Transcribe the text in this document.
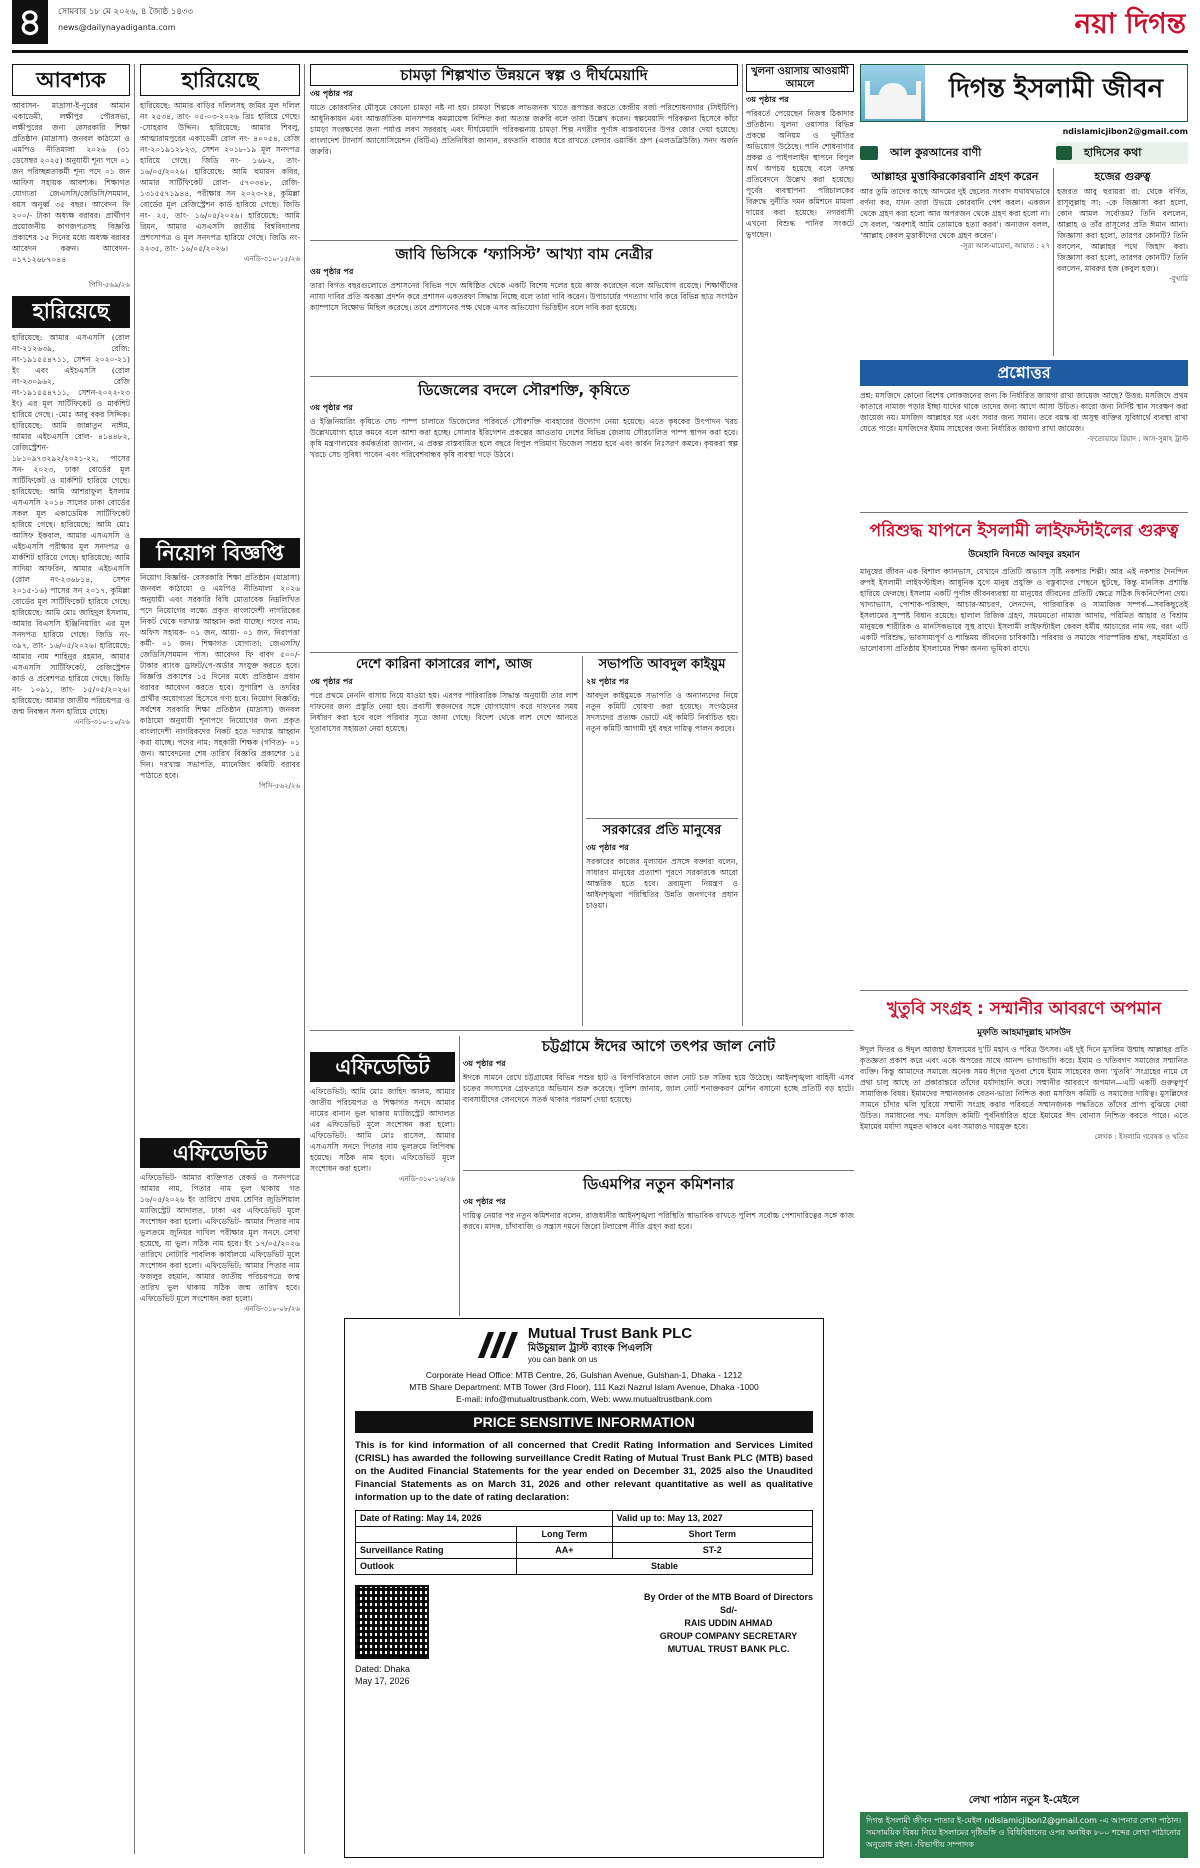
৪	সোমবার ১৮ মে ২০২৬, ৪ জ্যৈষ্ঠ ১৪৩৩
news@dailynayadiganta.com	নয়া দিগন্ত
আবশ্যক

আবাসন- মাদ্রাসা-ই-নূরের আমান একাডেমী, লক্ষীপুর পৌরসভা, লক্ষীপুরের জন্য বেসরকারি শিক্ষা প্রতিষ্ঠান (মাদ্রাসা) জনবল কাঠামো ও এমপিও নীতিমালা ২০২৬ (৩১ ডেসেম্বর ২০২৫) অনুযায়ী শূন্য পদে ০১ জন পরিচ্ছন্নতাকর্মী শূন্য পদে ০১ জন আফিস সহায়ক আবশ্যক। শিক্ষাগত যোগ্যতা জেএসসি/জেডিসি/সমমান, বয়স অনূর্ধ্ব ৩৫ বছর। আবেদন ফি ২০০/- টাকা অধ্যক্ষ বরাবর। প্রার্থীগণ প্রয়োজনীয় কাগজপত্রসহ বিজ্ঞপ্তি প্রকাশের ১৫ দিনের মধ্যে অধ্যক্ষ বরাবর আবেদন করুন। আবেদন- ০১৭১২৬৮৭০৪৪

পিসি-৫৬৯/২৬
হারিয়েছে

হারিয়েছে: আমার এসএসসি (রোল নং-২১২৬৩৯, রেজি: নং-১৯১৫৫৪৭১১, সেশন ২০২০-২১) ইং এবং এইচএসসি (রোল নং-২৩০৯৬২, রেজি নং-১৯১৫৫৪৭১১, সেশন-২০২২-২৩ ইং) এর মূল সার্টিফিকেট ও মার্কশিট হারিয়ে গেছে। -মোঃ আবু বকর সিদ্দিক। হারিয়েছে: আমি জান্নাতুন নাঈম, আমার এইচএসসি রোল- ৪১৪৪৮২, রেজিস্ট্রেশন- ১৮১০৯৭৩২৯২/২০২১-২২, পাসের সন- ২০২৩, ঢাকা বোর্ডের মূল সার্টিফিকেট ও মার্কশিট হারিয়ে গেছে। হারিয়েছে: আমি আশরাফুল ইসলাম এসএসসি ২০১৪ সালের ঢাকা বোর্ডের সকল মূল একাডেমিক সার্টিফিকেট হারিয়ে গেছে। হারিয়েছে: আমি মোঃ আসিফ ইকবাল, আমার এসএসসি ও এইচএসসি পরীক্ষার মূল সনদপত্র ও মার্কশিট হারিয়ে গেছে। হারিয়েছে: আমি সাদিয়া আফরিন, আমার এইচএসসি (রোল নং-২৩৬৮১৪, সেশন ২০১৫-১৬) পাসের সন ২০১৭, কুমিল্লা বোর্ডের মূল সার্টিফিকেট হারিয়ে গেছে। হারিয়েছে: আমি মোঃ জাহিদুল ইসলাম, আমার বিএসসি ইঞ্জিনিয়ারিং এর মূল সনদপত্র হারিয়ে গেছে। জিডি নং- ৩৯৭, তাং- ১৬/০৫/২০২৬। হারিয়েছে: আমার নাম শাহিনুর রহমান, আমার এসএসসি সার্টিফিকেট, রেজিস্ট্রেশন কার্ড ও প্রবেশপত্র হারিয়ে গেছে। জিডি নং- ১০৯১, তাং- ১৫/০৫/২০২৬। হারিয়েছে: আমার জাতীয় পরিচয়পত্র ও জন্ম নিবন্ধন সনদ হারিয়ে গেছে।

এনডি-৩১০-১০/২৬
হারিয়েছে

হারিয়েছে: আমার বাড়ির দলিলসহ জমির মূল দলিল নং ২৫৩৪, তাং- ০৫-০৩-২০২৬ খ্রিঃ হারিয়ে গেছে। -সোহরাব উদ্দিন। হারিয়েছে: আমার শিবলু, আত্মারামপুরের একাডেমী রোল নং- ৪০০৫৪, রেজি নং-২০১৯১২৮২৩, সেশন ২০১৮-১৯ মূল সনদপত্র হারিয়ে গেছে। জিডি নং- ১৬৮২, তাং- ১৬/০৫/২০২৬। হারিয়েছে: আমি হুমায়ন কবির, আমার সার্টিফিকেট রোল- ৫৭০৩৪৮, রেজি- ১৩১৫৫৭১৯৪৪, পরীক্ষার সন ২০২৩-২৪, কুমিল্লা বোর্ডের মূল রেজিস্ট্রেশন কার্ড হারিয়ে গেছে। জিডি নং- ২৫, তাং- ১৬/০৫/২০২৬। হারিয়েছে: আমি রিমন, আমার এসএসসি জাতীয় বিশ্ববিদ্যালয় প্রশংসাপত্র ও মূল সনদপত্র হারিয়ে গেছে। জিডি নং- ২২৩৫, তাং- ১৬/০৫/২০২৬।

এনডি-৩১০-১৫/২৬
নিয়োগ বিজ্ঞপ্তি

নিয়োগ বিজ্ঞপ্তি- বেসরকারি শিক্ষা প্রতিষ্ঠান (মাদ্রাসা) জনবল কাঠামো ও এমপিও নীতিমালা ২০২৬ অনুযায়ী এবং সরকারি বিধি মোতাবেক নিম্নলিখিত পদে নিয়োগের লক্ষ্যে প্রকৃত বাংলাদেশী নাগরিকের নিকট থেকে দরখাস্ত আহ্বান করা যাচ্ছে। পদের নাম: অফিস সহায়ক- ০১ জন, আয়া- ০১ জন, নিরাপত্তা কর্মী- ০১ জন। শিক্ষাগত যোগ্যতা: জেএসসি/জেডিসি/সমমান পাস। আবেদন ফি বাবদ ৫০০/- টাকার ব্যাংক ড্রাফট/পে-অর্ডার সংযুক্ত করতে হবে। বিজ্ঞপ্তি প্রকাশের ১৫ দিনের মধ্যে প্রতিষ্ঠান প্রধান বরাবর আবেদন করতে হবে। সুপারিশ ও তদবির প্রার্থীর অযোগ্যতা হিসেবে গণ্য হবে। নিয়োগ বিজ্ঞপ্তি: সর্বশেষ সরকারি শিক্ষা প্রতিষ্ঠান (মাদ্রাসা) জনবল কাঠামো অনুযায়ী শূন্যপদে নিয়োগের জন্য প্রকৃত বাংলাদেশী নাগরিকদের নিকট হতে দরখাস্ত আহ্বান করা যাচ্ছে। পদের নাম: সহকারী শিক্ষক (গণিত)- ০১ জন। আবেদনের শেষ তারিখ বিজ্ঞপ্তি প্রকাশের ১৫ দিন। দরখাস্ত সভাপতি, ম্যানেজিং কমিটি বরাবর পাঠাতে হবে।

পিসি-৫৬২/২৬
এফিডেভিট

এফিডেভিট- আমার ব্যক্তিগত রেকর্ড ও সনদপত্রে আমার নাম, পিতার নাম ভুল থাকায় গত ১৬/০৫/২০২৬ ইং তারিখে প্রথম শ্রেণির জুডিশিয়াল ম্যাজিস্ট্রেট আদালত, ঢাকা এর এফিডেভিট মূলে সংশোধন করা হলো। এফিডেভিট- আমার পিতার নাম ভুলক্রমে জুনিয়র দাখিল পরীক্ষার মূল সনদে লেখা হয়েছে, যা ভুল। সঠিক নাম হবে। ইং ১৭/০৫/২০২৬ তারিখে নোটারি পাবলিক কার্যালয়ে এফিডেভিট মূলে সংশোধন করা হলো। এফিডেভিট: আমার পিতার নাম ফজলুর রহমান, আমার জাতীয় পরিচয়পত্রে জন্ম তারিখ ভুল থাকায় সঠিক জন্ম তারিখ হবে। এফিডেভিট মূলে সংশোধন করা হলো।

এনডি-৩১০-০৮/২৬
চামড়া শিল্পখাত উন্নয়নে স্বল্প ও দীর্ঘমেয়াদি
৩য় পৃষ্ঠার পর

যাতে কোরবানির মৌসুমে কোনো চামড়া নষ্ট না হয়। চামড়া শিল্পকে লাভজনক খাতে রূপান্তর করতে কেন্দ্রীয় বর্জ্য পরিশোধনাগার (সিইটিপি) আধুনিকায়ন এবং আন্তর্জাতিক মানসম্পন্ন কমপ্লায়েন্স নিশ্চিত করা অত্যন্ত জরুরি বলে তারা উল্লেখ করেন। স্বল্পমেয়াদি পরিকল্পনা হিসেবে কাঁচা চামড়া সংরক্ষণের জন্য পর্যাপ্ত লবণ সরবরাহ এবং দীর্ঘমেয়াদি পরিকল্পনায় চামড়া শিল্প নগরীর পূর্ণাঙ্গ বাস্তবায়নের উপর জোর দেয়া হয়েছে। বাংলাদেশ ট্যানার্স অ্যাসোসিয়েশন (বিটিএ) প্রতিনিধিরা জানান, রফতানি বাজার ধরে রাখতে লেদার ওয়ার্কিং গ্রুপ (এলডব্লিউজি) সনদ অর্জন জরুরি।

জাবি ভিসিকে ‘ফ্যাসিস্ট’ আখ্যা বাম নেত্রীর
ওয় পৃষ্ঠার পর

তারা বিগত বছরগুলোতে প্রশাসনের বিভিন্ন পদে অধিষ্ঠিত থেকে একটি বিশেষ দলের হয়ে কাজ করেছেন বলে অভিযোগ রয়েছে। শিক্ষার্থীদের ন্যায্য দাবির প্রতি অবজ্ঞা প্রদর্শন করে প্রশাসন একতরফা সিদ্ধান্ত নিচ্ছে বলে তারা দাবি করেন। উপাচার্যের পদত্যাগ দাবি করে বিভিন্ন ছাত্র সংগঠন ক্যাম্পাসে বিক্ষোভ মিছিল করেছে। তবে প্রশাসনের পক্ষ থেকে এসব অভিযোগ ভিত্তিহীন বলে দাবি করা হয়েছে।

ডিজেলের বদলে সৌরশক্তি, কৃষিতে
৩য় পৃষ্ঠার পর

ও ইঞ্জিনিয়ারিং কৃষিতে সেচ পাম্প চালাতে ডিজেলের পরিবর্তে সৌরশক্তি ব্যবহারের উদ্যোগ নেয়া হয়েছে। এতে কৃষকের উৎপাদন খরচ উল্লেখযোগ্য হারে কমবে বলে আশা করা হচ্ছে। সোলার ইরিগেশন প্রকল্পের আওতায় দেশের বিভিন্ন জেলায় সৌরচালিত পাম্প স্থাপন করা হবে। কৃষি মন্ত্রণালয়ের কর্মকর্তারা জানান, এ প্রকল্প বাস্তবায়িত হলে বছরে বিপুল পরিমাণ ডিজেল সাশ্রয় হবে এবং কার্বন নিঃসরণ কমবে। কৃষকরা স্বল্প খরচে সেচ সুবিধা পাবেন এবং পরিবেশবান্ধব কৃষি ব্যবস্থা গড়ে উঠবে।

দেশে কারিনা কাসারের লাশ, আজ
৩য় পৃষ্ঠার পর

পরে প্রথমে নেননি বাসায় নিয়ে যাওয়া হয়। এরপর পারিবারিক সিদ্ধান্ত অনুযায়ী তার লাশ দাফনের জন্য প্রস্তুতি নেয়া হয়। প্রবাসী স্বজনদের সঙ্গে যোগাযোগ করে দাফনের সময় নির্ধারণ করা হবে বলে পরিবার সূত্রে জানা গেছে। বিদেশ থেকে লাশ দেশে আনতে দূতাবাসের সহায়তা নেয়া হয়েছে।

সভাপতি আবদুল কাইয়ুম
২য় পৃষ্ঠার পর

আবদুল কাইয়ুমকে সভাপতি ও অন্যান্যদের নিয়ে নতুন কমিটি ঘোষণা করা হয়েছে। সংগঠনের সদস্যদের প্রত্যক্ষ ভোটে এই কমিটি নির্বাচিত হয়। নতুন কমিটি আগামী দুই বছর দায়িত্ব পালন করবে।

সরকারের প্রতি মানুষের
৩য় পৃষ্ঠার পর

সরকারের কাজের মূল্যায়ন প্রসঙ্গে বক্তারা বলেন, সাধারণ মানুষের প্রত্যাশা পূরণে সরকারকে আরো আন্তরিক হতে হবে। দ্রব্যমূল্য নিয়ন্ত্রণ ও আইনশৃঙ্খলা পরিস্থিতির উন্নতি জনগণের প্রধান চাওয়া।

খুলনা ওয়াসায় আওয়ামী আমলে
৩য় পৃষ্ঠার পর

পরিবর্তে পেয়েছেন নিজস্ব ঠিকাদার প্রতিষ্ঠান। খুলনা ওয়াসার বিভিন্ন প্রকল্পে অনিয়ম ও দুর্নীতির অভিযোগ উঠেছে। পানি শোধনাগার প্রকল্প ও পাইপলাইন স্থাপনে বিপুল অর্থ অপচয় হয়েছে বলে তদন্ত প্রতিবেদনে উল্লেখ করা হয়েছে। পূর্বের ব্যবস্থাপনা পরিচালকের বিরুদ্ধে দুর্নীতি দমন কমিশনে মামলা দায়ের করা হয়েছে। নগরবাসী এখনো বিশুদ্ধ পানির সংকটে ভুগছেন।

এফিডেভিট

এফিডেভিট: আমি মোঃ জাহিদ আলম, আমার জাতীয় পরিচয়পত্র ও শিক্ষাগত সনদে আমার নামের বানান ভুল থাকায় ম্যাজিস্ট্রেট আদালত এর এফিডেভিট মূলে সংশোধন করা হলো। এফিডেভিট: আমি মোঃ রাসেল, আমার এসএসসি সনদে পিতার নাম ভুলক্রমে লিপিবদ্ধ হয়েছে। সঠিক নাম হবে। এফিডেভিট মূলে সংশোধন করা হলো।

এনডি-৩১০-১৬/২৬
চট্টগ্রামে ঈদের আগে তৎপর জাল নোট
৩য় পৃষ্ঠার পর

ঈদকে সামনে রেখে চট্টগ্রামের বিভিন্ন পশুর হাট ও বিপণিবিতানে জাল নোট চক্র সক্রিয় হয়ে উঠেছে। আইনশৃঙ্খলা বাহিনী এসব চক্রের সদস্যদের গ্রেফতারে অভিযান শুরু করেছে। পুলিশ জানায়, জাল নোট শনাক্তকরণ মেশিন বসানো হচ্ছে প্রতিটি বড় হাটে। ব্যবসায়ীদের লেনদেনে সতর্ক থাকার পরামর্শ দেয়া হয়েছে।

ডিএমপির নতুন কমিশনার
৩য় পৃষ্ঠার পর

দায়িত্ব নেয়ার পর নতুন কমিশনার বলেন, রাজধানীর আইনশৃঙ্খলা পরিস্থিতি স্বাভাবিক রাখতে পুলিশ সর্বোচ্চ পেশাদারিত্বের সঙ্গে কাজ করবে। মাদক, চাঁদাবাজি ও সন্ত্রাস দমনে জিরো টলারেন্স নীতি গ্রহণ করা হবে।

Mutual Trust Bank PLC
মিউচুয়াল ট্রাস্ট ব্যাংক পিএলসি
you can bank on us

Corporate Head Office: MTB Centre, 26, Gulshan Avenue, Gulshan-1, Dhaka - 1212

MTB Share Department: MTB Tower (3rd Floor), 111 Kazi Nazrul Islam Avenue, Dhaka -1000

E-mail: info@mutualtrustbank.com, Web: www.mutualtrustbank.com

PRICE SENSITIVE INFORMATION

This is for kind information of all concerned that Credit Rating Information and Services Limited (CRISL) has awarded the following surveillance Credit Rating of Mutual Trust Bank PLC (MTB) based on the Audited Financial Statements for the year ended on December 31, 2025 also the Unaudited Financial Statements as on March 31, 2026 and other relevant quantitative as well as qualitative information up to the date of rating declaration:

Date of Rating: May 14, 2026		Valid up to: May 13, 2027
	Long Term	Short Term
Surveillance Rating	AA+	ST-2
Outlook	Stable	
Dated: Dhaka
May 17, 2026
By Order of the MTB Board of Directors
Sd/-
RAIS UDDIN AHMAD
GROUP COMPANY SECRETARY
MUTUAL TRUST BANK PLC.
দিগন্ত ইসলামী জীবন
ndislamicjibon2@gmail.com
আল কুরআনের বাণী	হাদিসের কথা
আল্লাহর মুত্তাকিরকোরবানি গ্রহণ করেন

আর তুমি তাদের কাছে আদমের দুই ছেলের সংবাদ যথাযথভাবে বর্ণনা কর, যখন তারা উভয়ে কোরবানি পেশ করল। একজন থেকে গ্রহণ করা হলো আর অপরজন থেকে গ্রহণ করা হলো না। সে বলল, ‘অবশ্যই আমি তোমাকে হত্যা করব’। অন্যজন বলল, ‘আল্লাহ কেবল মুত্তাকীদের থেকে গ্রহণ করেন’।

-সূরা আল-মায়েদা, আয়াত : ২৭
হজের গুরুত্ব

হজরত আবু হুরায়রা রা: থেকে বর্ণিত, রাসূলুল্লাহ সা: -কে জিজ্ঞাসা করা হলো, কোন আমল সর্বোত্তম? তিনি বললেন, আল্লাহ ও তাঁর রাসূলের প্রতি ঈমান আনা। জিজ্ঞাসা করা হলো, তারপর কোনটি? তিনি বললেন, আল্লাহর পথে জিহাদ করা। জিজ্ঞাসা করা হলো, তারপর কোনটি? তিনি বললেন, মাবরুর হজ (কবুল হজ)।

-বুখারি
প্রশ্নোত্তর

প্রশ্ন: মসজিদে কোনো বিশেষ লোকজনের জন্য কি নির্ধারিত জায়গা রাখা জায়েজ আছে? উত্তর: মসজিদে প্রথম কাতারে নামাজ পড়ার ইচ্ছা যাদের থাকে তাদের জন্য আগে আসা উচিত। কারো জন্য নির্দিষ্ট স্থান সংরক্ষণ করা জায়েজ নয়। মসজিদ আল্লাহর ঘর এবং সবার জন্য সমান। তবে বয়স্ক বা অসুস্থ ব্যক্তির সুবিধার্থে ব্যবস্থা রাখা যেতে পারে। মসজিদের ইমাম সাহেবের জন্য নির্ধারিত জায়গা রাখা জায়েজ।

-ফতোয়ায়ে রিয়াদ : আস-সুন্নাহ ট্রাস্ট
পরিশুদ্ধ যাপনে ইসলামী লাইফস্টাইলের গুরুত্ব
উমেহানি বিনতে আবদুর রহমান

মানুষের জীবন এক বিশাল ক্যানভাস, যেখানে প্রতিটি অভ্যাস সৃষ্টি নকশার শিল্পী। আর এই নকশার দৈনন্দিন রুপই ইসলামী লাইফস্টাইল। আধুনিক যুগে মানুষ প্রযুক্তি ও বস্তুবাদের পেছনে ছুটছে, কিন্তু মানসিক প্রশান্তি হারিয়ে ফেলছে। ইসলাম একটি পূর্ণাঙ্গ জীবনব্যবস্থা যা মানুষের জীবনের প্রতিটি ক্ষেত্রে সঠিক দিকনির্দেশনা দেয়। খাদ্যাভ্যাস, পোশাক-পরিচ্ছদ, আচার-আচরণ, লেনদেন, পারিবারিক ও সামাজিক সম্পর্ক—সবকিছুতেই ইসলামের সুস্পষ্ট বিধান রয়েছে। হালাল রিজিক গ্রহণ, সময়মতো নামাজ আদায়, পরিমিত আহার ও বিশ্রাম মানুষকে শারীরিক ও মানসিকভাবে সুস্থ রাখে। ইসলামী লাইফস্টাইল কেবল ধর্মীয় আচারের নাম নয়, বরং এটি একটি পরিশুদ্ধ, ভারসাম্যপূর্ণ ও শান্তিময় জীবনের চাবিকাঠি। পরিবার ও সমাজে পারস্পরিক শ্রদ্ধা, সহমর্মিতা ও ভালোবাসা প্রতিষ্ঠায় ইসলামের শিক্ষা অনন্য ভূমিকা রাখে।

খুতুবি সংগ্রহ : সম্মানীর আবরণে অপমান
মুফতি আহমাদুল্লাহ মাসউদ

ঈদুল ফিতর ও ঈদুল আজহা ইসলামের দু’টি মহান ও পবিত্র উৎসব। এই দুই দিনে মুসলিম উম্মাহ আল্লাহর প্রতি কৃতজ্ঞতা প্রকাশ করে এবং একে অপরের সাথে আনন্দ ভাগাভাগি করে। ইমাম ও খতিবগণ সমাজের সম্মানিত ব্যক্তি। কিন্তু আমাদের সমাজে অনেক সময় ঈদের খুতবা শেষে ইমাম সাহেবের জন্য ‘খুতবি’ সংগ্রহের নামে যে প্রথা চালু আছে তা প্রকারান্তরে তাঁদের মর্যাদাহানি করে। সম্মানীর আবরণে অপমান—এটি একটি গুরুত্বপূর্ণ সামাজিক বিষয়। ইমামদের সম্মানজনক বেতন-ভাতা নিশ্চিত করা মসজিদ কমিটি ও সমাজের দায়িত্ব। মুসল্লিদের সামনে চাঁদার থলি ঘুরিয়ে সম্মানী সংগ্রহ করার পরিবর্তে সম্মানজনক পদ্ধতিতে তাঁদের প্রাপ্য বুঝিয়ে দেয়া উচিত। সমাধানের পথ: মসজিদ কমিটি পূর্বনির্ধারিত হারে ইমামের ঈদ বোনাস নিশ্চিত করতে পারে। এতে ইমামের মর্যাদা সমুন্নত থাকবে এবং সমাজও দায়মুক্ত হবে।

লেখক : ইসলামি গবেষক ও খতিব
লেখা পাঠান নতুন ই-মেইলে
দিগন্ত ইসলামী জীবন পাতার ই-মেইল ndislamicjibon2@gmail.com -এ আপনার লেখা পাঠান। সমসাময়িক বিষয় নিয়ে ইসলামের দৃষ্টিভঙ্গি ও বিধিবিধানের ওপর অনধিক ৮০০ শব্দের লেখা পাঠানোর অনুরোধ রইল। -বিভাগীয় সম্পাদক
